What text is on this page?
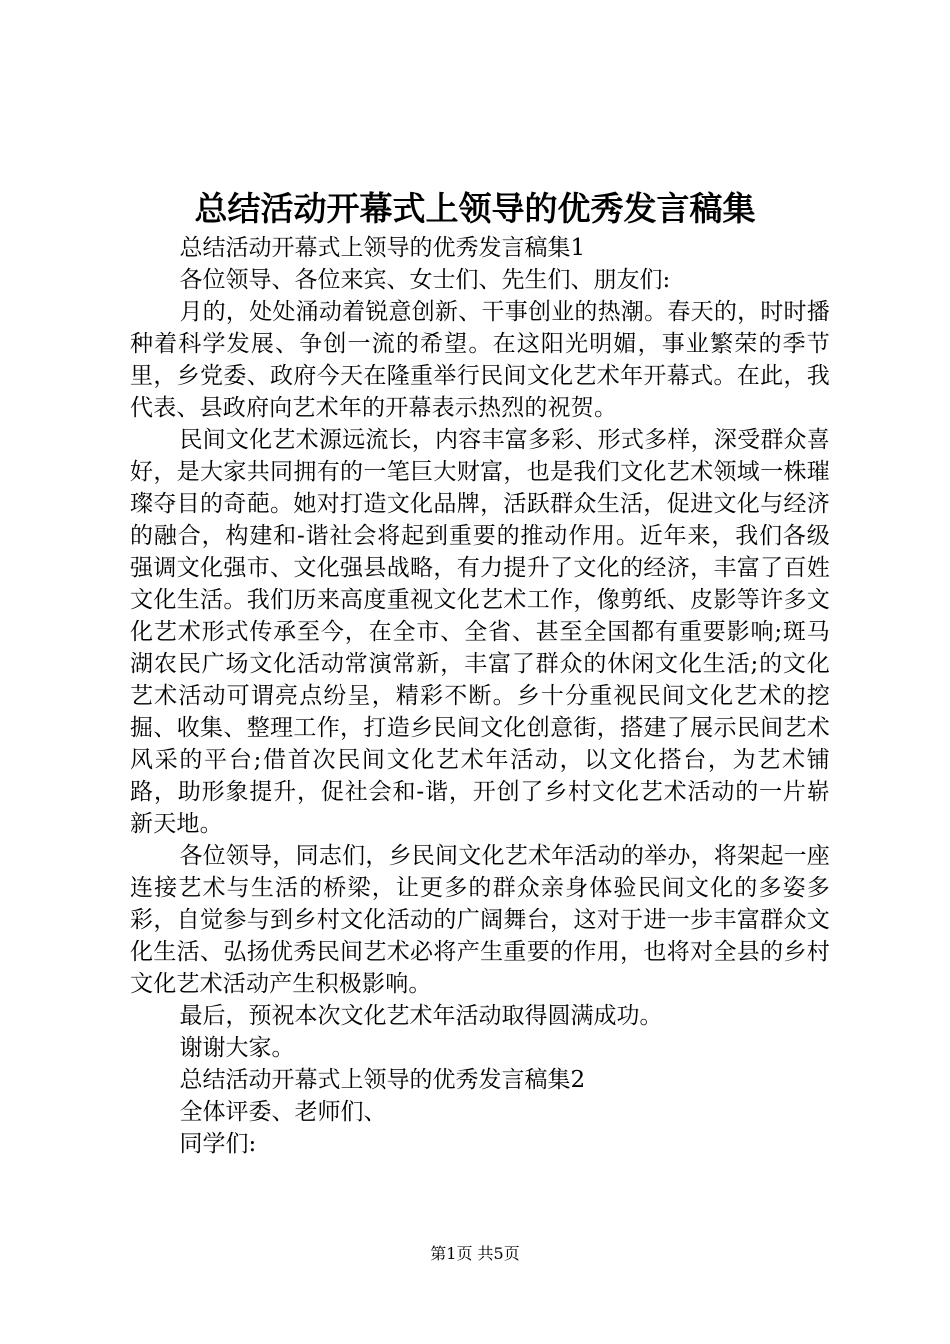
总结活动开幕式上领导的优秀发言稿集

总结活动开幕式上领导的优秀发言稿集1

各位领导、各位来宾、女士们、先生们、朋友们:

月的，处处涌动着锐意创新、干事创业的热潮。春天的，时时播种着科学发展、争创一流的希望。在这阳光明媚，事业繁荣的季节里，乡党委、政府今天在隆重举行民间文化艺术年开幕式。在此，我代表、县政府向艺术年的开幕表示热烈的祝贺。

民间文化艺术源远流长，内容丰富多彩、形式多样，深受群众喜好，是大家共同拥有的一笔巨大财富，也是我们文化艺术领域一株璀璨夺目的奇葩。她对打造文化品牌，活跃群众生活，促进文化与经济的融合，构建和-谐社会将起到重要的推动作用。近年来，我们各级强调文化强市、文化强县战略，有力提升了文化的经济，丰富了百姓文化生活。我们历来高度重视文化艺术工作，像剪纸、皮影等许多文化艺术形式传承至今，在全市、全省、甚至全国都有重要影响;斑马湖农民广场文化活动常演常新，丰富了群众的休闲文化生活;的文化艺术活动可谓亮点纷呈，精彩不断。乡十分重视民间文化艺术的挖掘、收集、整理工作，打造乡民间文化创意街，搭建了展示民间艺术风采的平台;借首次民间文化艺术年活动，以文化搭台，为艺术铺路，助形象提升，促社会和-谐，开创了乡村文化艺术活动的一片崭新天地。

各位领导，同志们，乡民间文化艺术年活动的举办，将架起一座连接艺术与生活的桥梁，让更多的群众亲身体验民间文化的多姿多彩，自觉参与到乡村文化活动的广阔舞台，这对于进一步丰富群众文化生活、弘扬优秀民间艺术必将产生重要的作用，也将对全县的乡村文化艺术活动产生积极影响。

最后，预祝本次文化艺术年活动取得圆满成功。

谢谢大家。

总结活动开幕式上领导的优秀发言稿集2

全体评委、老师们、

同学们:

第1页 共5页
